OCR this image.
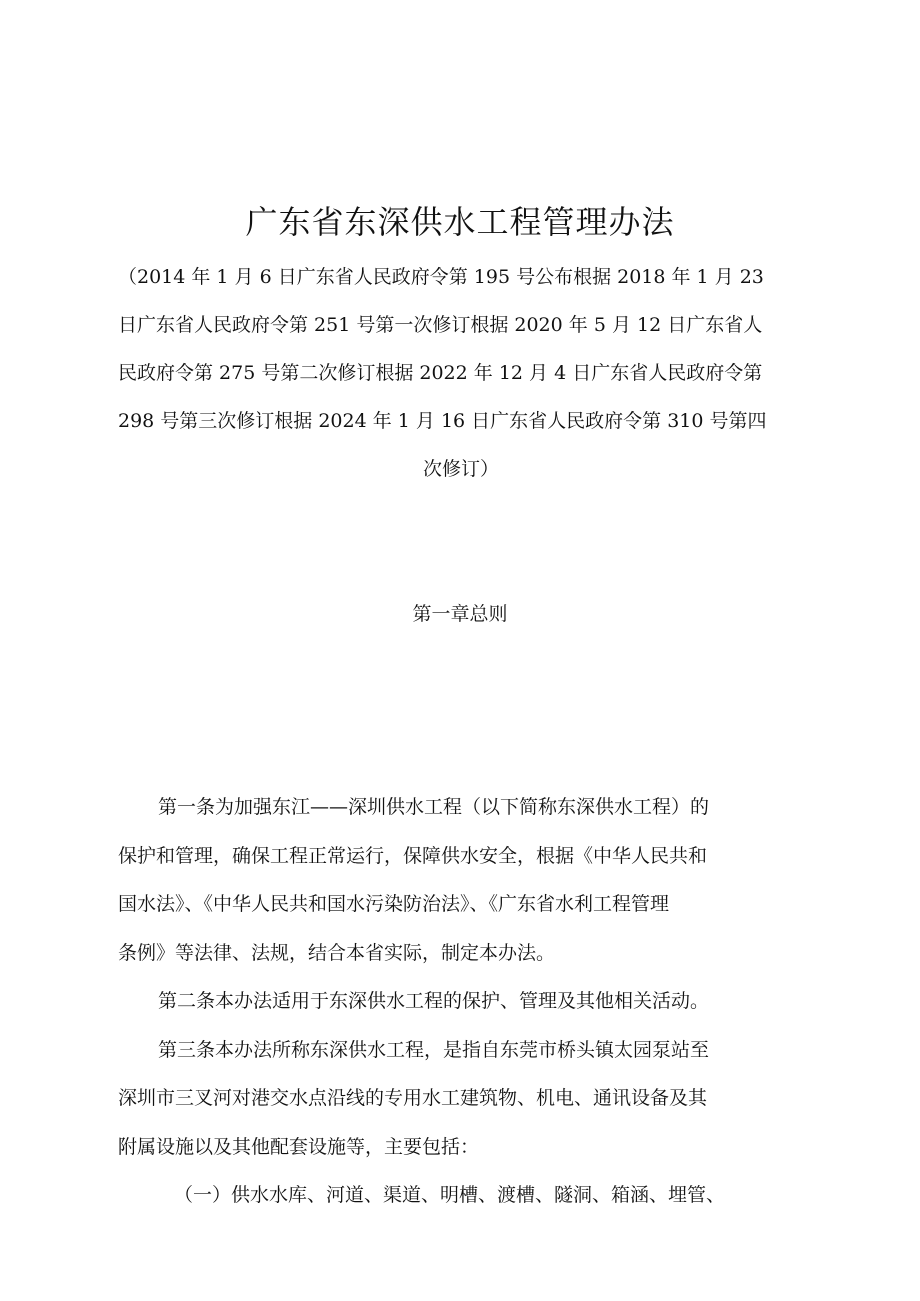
广东省东深供水工程管理办法
（2014 年 1 月 6 日广东省人民政府令第 195 号公布根据 2018 年 1 月 23
日广东省人民政府令第 251 号第一次修订根据 2020 年 5 月 12 日广东省人
民政府令第 275 号第二次修订根据 2022 年 12 月 4 日广东省人民政府令第
298 号第三次修订根据 2024 年 1 月 16 日广东省人民政府令第 310 号第四
次修订）
第一章总则
第一条为加强东江——深圳供水工程（以下简称东深供水工程）的
保护和管理，确保工程正常运行，保障供水安全，根据《中华人民共和
国水法》、《中华人民共和国水污染防治法》、《广东省水利工程管理
条例》等法律、法规，结合本省实际，制定本办法。
第二条本办法适用于东深供水工程的保护、管理及其他相关活动。
第三条本办法所称东深供水工程，是指自东莞市桥头镇太园泵站至
深圳市三叉河对港交水点沿线的专用水工建筑物、机电、通讯设备及其
附属设施以及其他配套设施等，主要包括：
（一）供水水库、河道、渠道、明槽、渡槽、隧洞、箱涵、埋管、
